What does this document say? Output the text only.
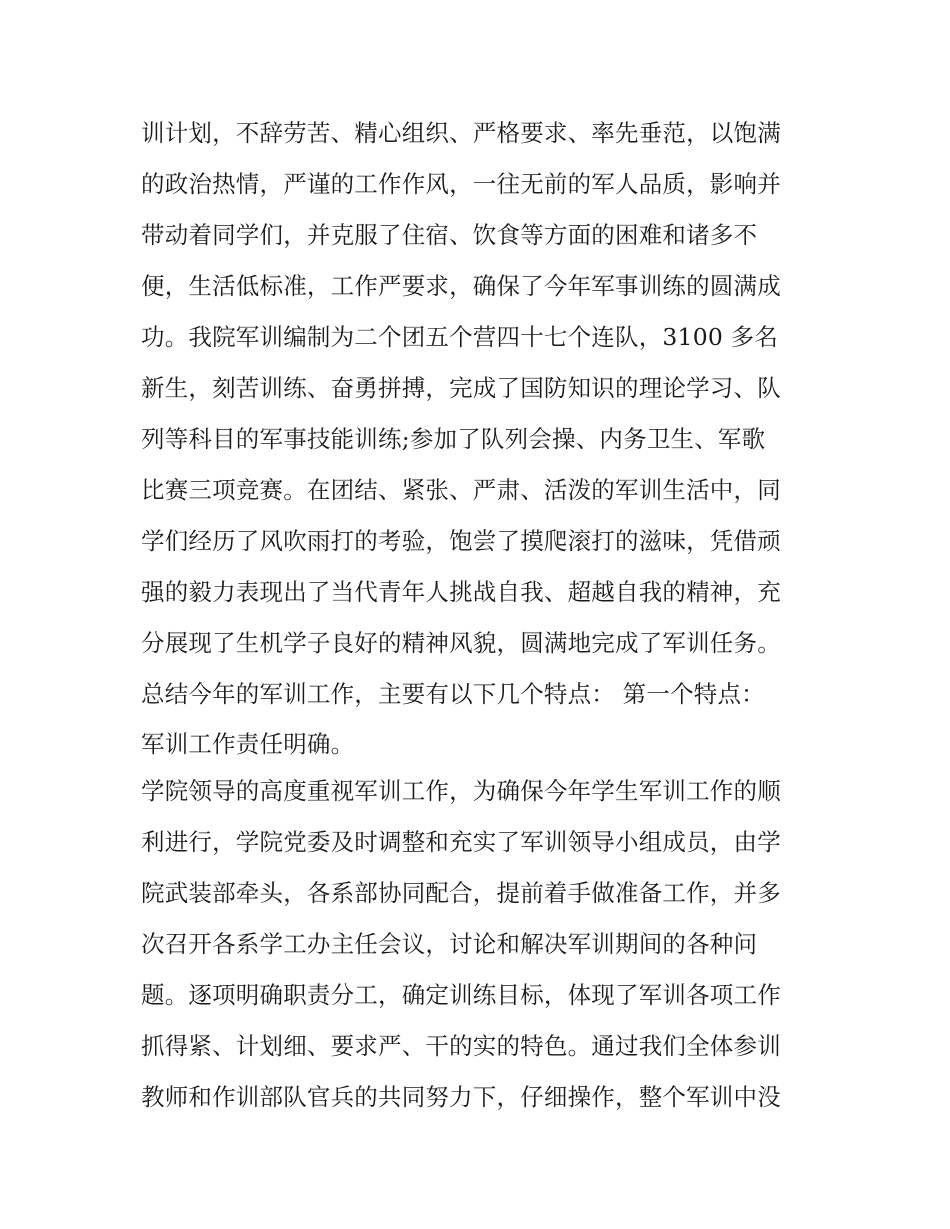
训计划，不辞劳苦、精心组织、严格要求、率先垂范，以饱满
的政治热情，严谨的工作作风，一往无前的军人品质，影响并
带动着同学们，并克服了住宿、饮食等方面的困难和诸多不
便，生活低标准，工作严要求，确保了今年军事训练的圆满成
功。我院军训编制为二个团五个营四十七个连队，3100 多名
新生，刻苦训练、奋勇拼搏，完成了国防知识的理论学习、队
列等科目的军事技能训练;参加了队列会操、内务卫生、军歌
比赛三项竞赛。在团结、紧张、严肃、活泼的军训生活中，同
学们经历了风吹雨打的考验，饱尝了摸爬滚打的滋味，凭借顽
强的毅力表现出了当代青年人挑战自我、超越自我的精神，充
分展现了生机学子良好的精神风貌，圆满地完成了军训任务。
总结今年的军训工作，主要有以下几个特点： 第一个特点：
军训工作责任明确。
学院领导的高度重视军训工作，为确保今年学生军训工作的顺
利进行，学院党委及时调整和充实了军训领导小组成员，由学
院武装部牵头，各系部协同配合，提前着手做准备工作，并多
次召开各系学工办主任会议，讨论和解决军训期间的各种问
题。逐项明确职责分工，确定训练目标，体现了军训各项工作
抓得紧、计划细、要求严、干的实的特色。通过我们全体参训
教师和作训部队官兵的共同努力下，仔细操作，整个军训中没
